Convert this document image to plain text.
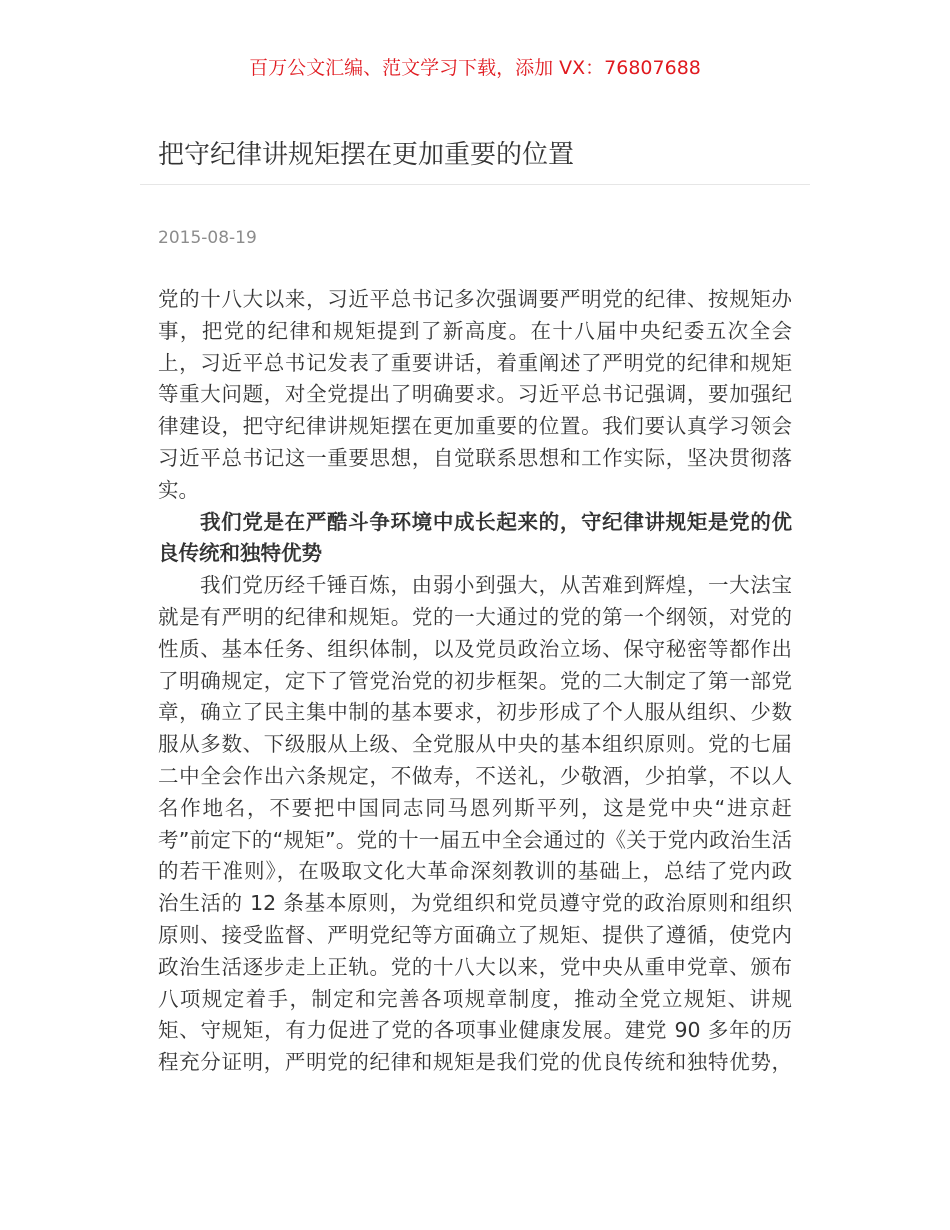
百万公文汇编、范文学习下载，添加 VX：76807688
把守纪律讲规矩摆在更加重要的位置
2015-08-19
党的十八大以来，习近平总书记多次强调要严明党的纪律、按规矩办
事，把党的纪律和规矩提到了新高度。在十八届中央纪委五次全会
上，习近平总书记发表了重要讲话，着重阐述了严明党的纪律和规矩
等重大问题，对全党提出了明确要求。习近平总书记强调，要加强纪
律建设，把守纪律讲规矩摆在更加重要的位置。我们要认真学习领会
习近平总书记这一重要思想，自觉联系思想和工作实际，坚决贯彻落
实。
我们党是在严酷斗争环境中成长起来的，守纪律讲规矩是党的优
良传统和独特优势
我们党历经千锤百炼，由弱小到强大，从苦难到辉煌，一大法宝
就是有严明的纪律和规矩。党的一大通过的党的第一个纲领，对党的
性质、基本任务、组织体制，以及党员政治立场、保守秘密等都作出
了明确规定，定下了管党治党的初步框架。党的二大制定了第一部党
章，确立了民主集中制的基本要求，初步形成了个人服从组织、少数
服从多数、下级服从上级、全党服从中央的基本组织原则。党的七届
二中全会作出六条规定，不做寿，不送礼，少敬酒，少拍掌，不以人
名作地名，不要把中国同志同马恩列斯平列，这是党中央“进京赶
考”前定下的“规矩”。党的十一届五中全会通过的《关于党内政治生活
的若干准则》，在吸取文化大革命深刻教训的基础上，总结了党内政
治生活的 12 条基本原则，为党组织和党员遵守党的政治原则和组织
原则、接受监督、严明党纪等方面确立了规矩、提供了遵循，使党内
政治生活逐步走上正轨。党的十八大以来，党中央从重申党章、颁布
八项规定着手，制定和完善各项规章制度，推动全党立规矩、讲规
矩、守规矩，有力促进了党的各项事业健康发展。建党 90 多年的历
程充分证明，严明党的纪律和规矩是我们党的优良传统和独特优势，
